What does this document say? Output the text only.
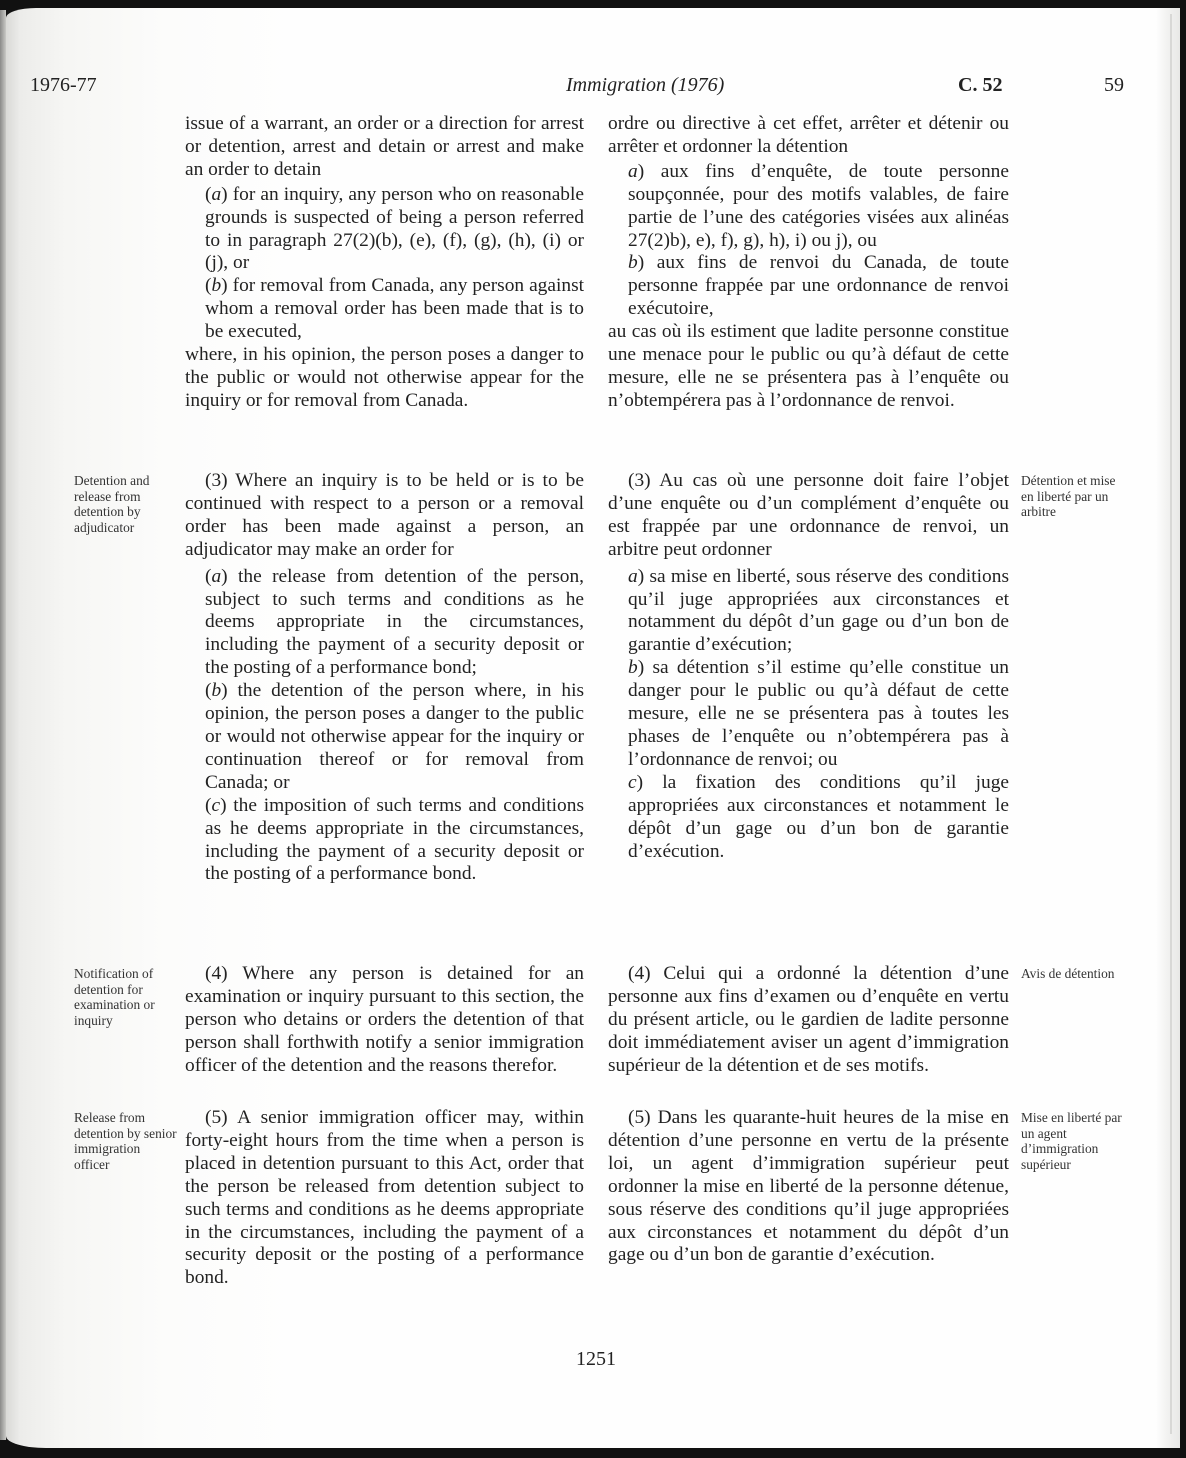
1976-77	Immigration (1976)	C. 52	59

issue of a warrant, an order or a direction for arrest or detention, arrest and detain or arrest and make an order to detain

(a) for an inquiry, any person who on reasonable grounds is suspected of being a person referred to in paragraph 27(2)(b), (e), (f), (g), (h), (i) or (j), or

(b) for removal from Canada, any person against whom a removal order has been made that is to be executed,

where, in his opinion, the person poses a danger to the public or would not otherwise appear for the inquiry or for removal from Canada.

(3) Where an inquiry is to be held or is to be continued with respect to a person or a removal order has been made against a person, an adjudicator may make an order for

(a) the release from detention of the person, subject to such terms and conditions as he deems appropriate in the circumstances, including the payment of a security deposit or the posting of a performance bond;

(b) the detention of the person where, in his opinion, the person poses a danger to the public or would not otherwise appear for the inquiry or continuation thereof or for removal from Canada; or

(c) the imposition of such terms and conditions as he deems appropriate in the circumstances, including the payment of a security deposit or the posting of a performance bond.

(4) Where any person is detained for an examination or inquiry pursuant to this section, the person who detains or orders the detention of that person shall forthwith notify a senior immigration officer of the detention and the reasons therefor.

(5) A senior immigration officer may, within forty-eight hours from the time when a person is placed in detention pursuant to this Act, order that the person be released from detention subject to such terms and conditions as he deems appropriate in the circumstances, including the payment of a security deposit or the posting of a performance bond.

ordre ou directive à cet effet, arrêter et détenir ou arrêter et ordonner la détention

a) aux fins d’enquête, de toute personne soupçonnée, pour des motifs valables, de faire partie de l’une des catégories visées aux alinéas 27(2)b), e), f), g), h), i) ou j), ou

b) aux fins de renvoi du Canada, de toute personne frappée par une ordonnance de renvoi exécutoire,

au cas où ils estiment que ladite personne constitue une menace pour le public ou qu’à défaut de cette mesure, elle ne se présentera pas à l’enquête ou n’obtempérera pas à l’ordonnance de renvoi.

(3) Au cas où une personne doit faire l’objet d’une enquête ou d’un complément d’enquête ou est frappée par une ordonnance de renvoi, un arbitre peut ordonner

a) sa mise en liberté, sous réserve des conditions qu’il juge appropriées aux circonstances et notamment du dépôt d’un gage ou d’un bon de garantie d’exécution;

b) sa détention s’il estime qu’elle constitue un danger pour le public ou qu’à défaut de cette mesure, elle ne se présentera pas à toutes les phases de l’enquête ou n’obtempérera pas à l’ordonnance de renvoi; ou

c) la fixation des conditions qu’il juge appropriées aux circonstances et notamment le dépôt d’un gage ou d’un bon de garantie d’exécution.

(4) Celui qui a ordonné la détention d’une personne aux fins d’examen ou d’enquête en vertu du présent article, ou le gardien de ladite personne doit immédiatement aviser un agent d’immigration supérieur de la détention et de ses motifs.

(5) Dans les quarante-huit heures de la mise en détention d’une personne en vertu de la présente loi, un agent d’immigration supérieur peut ordonner la mise en liberté de la personne détenue, sous réserve des conditions qu’il juge appropriées aux circonstances et notamment du dépôt d’un gage ou d’un bon de garantie d’exécution.

Detention and release from detention by adjudicator
Notification of detention for examination or inquiry
Release from detention by senior immigration officer
Détention et mise en liberté par un arbitre
Avis de détention
Mise en liberté par un agent d’immigration supérieur
1251
